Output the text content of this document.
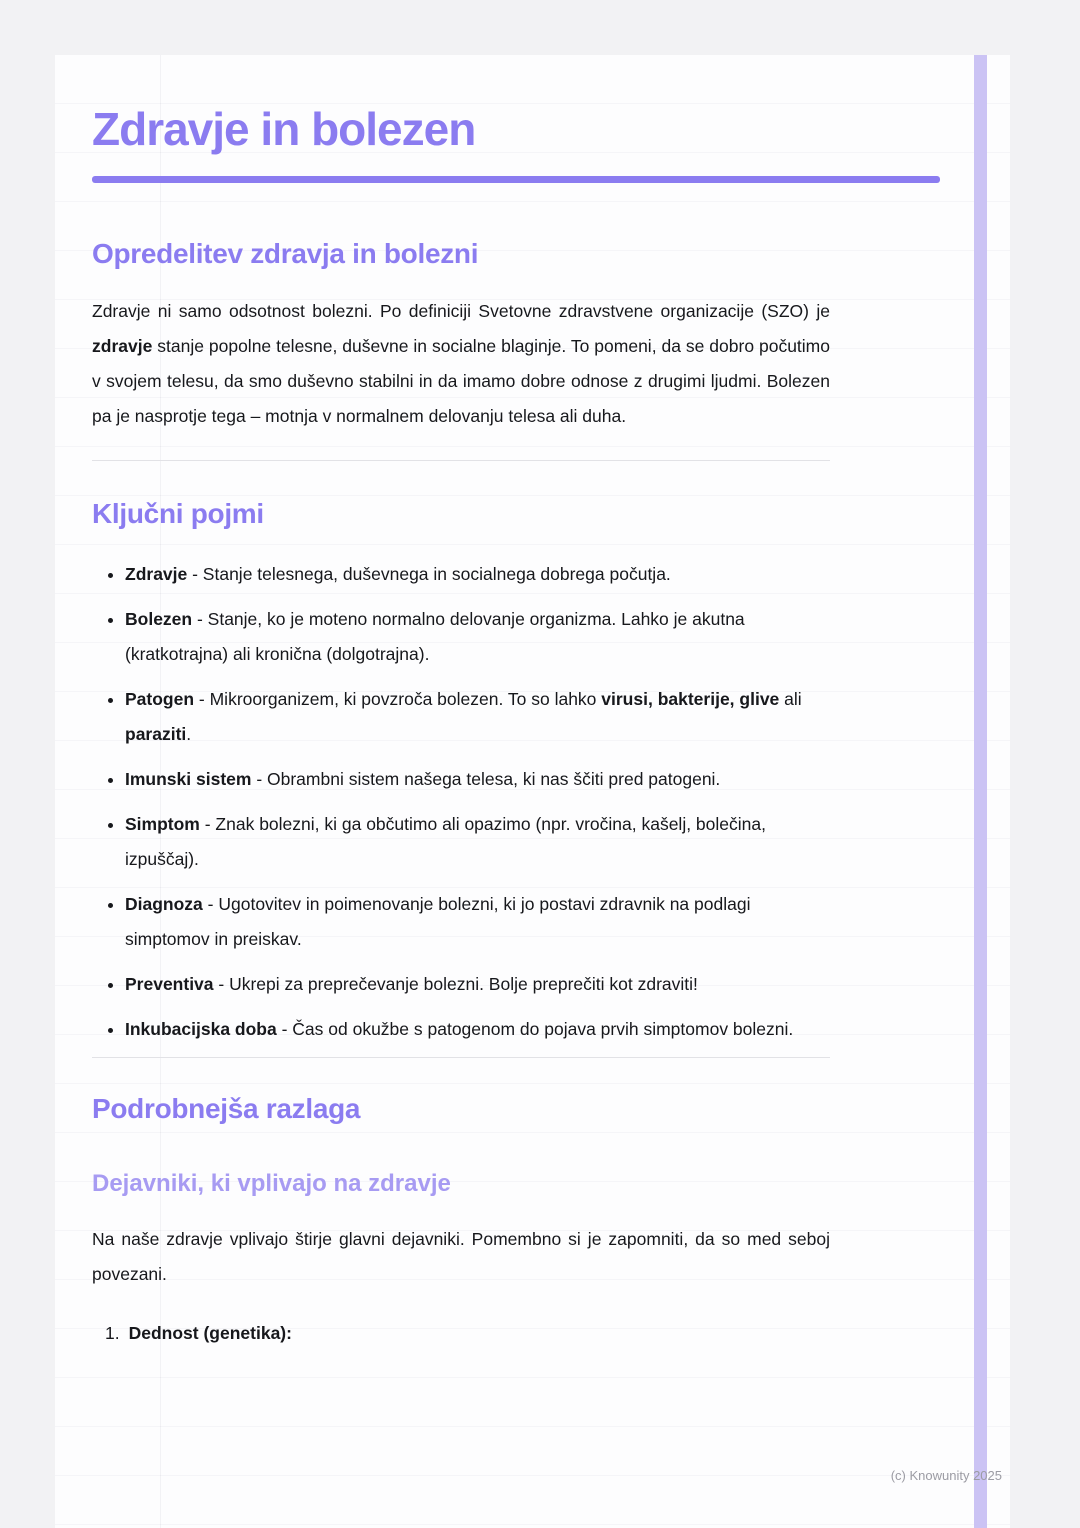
Zdravje in bolezen
Opredelitev zdravja in bolezni

Zdravje ni samo odsotnost bolezni. Po definiciji Svetovne zdravstvene organizacije (SZO) je zdravje stanje popolne telesne, duševne in socialne blaginje. To pomeni, da se dobro počutimo v svojem telesu, da smo duševno stabilni in da imamo dobre odnose z drugimi ljudmi. Bolezen pa je nasprotje tega – motnja v normalnem delovanju telesa ali duha.

Ključni pojmi
• Zdravje - Stanje telesnega, duševnega in socialnega dobrega počutja.
• Bolezen - Stanje, ko je moteno normalno delovanje organizma. Lahko je akutna (kratkotrajna) ali kronična (dolgotrajna).
• Patogen - Mikroorganizem, ki povzroča bolezen. To so lahko virusi, bakterije, glive ali paraziti.
• Imunski sistem - Obrambni sistem našega telesa, ki nas ščiti pred patogeni.
• Simptom - Znak bolezni, ki ga občutimo ali opazimo (npr. vročina, kašelj, bolečina, izpuščaj).
• Diagnoza - Ugotovitev in poimenovanje bolezni, ki jo postavi zdravnik na podlagi simptomov in preiskav.
• Preventiva - Ukrepi za preprečevanje bolezni. Bolje preprečiti kot zdraviti!
• Inkubacijska doba - Čas od okužbe s patogenom do pojava prvih simptomov bolezni.
Podrobnejša razlaga
Dejavniki, ki vplivajo na zdravje

Na naše zdravje vplivajo štirje glavni dejavniki. Pomembno si je zapomniti, da so med seboj povezani.

1. Dednost (genetika):
(c) Knowunity 2025
